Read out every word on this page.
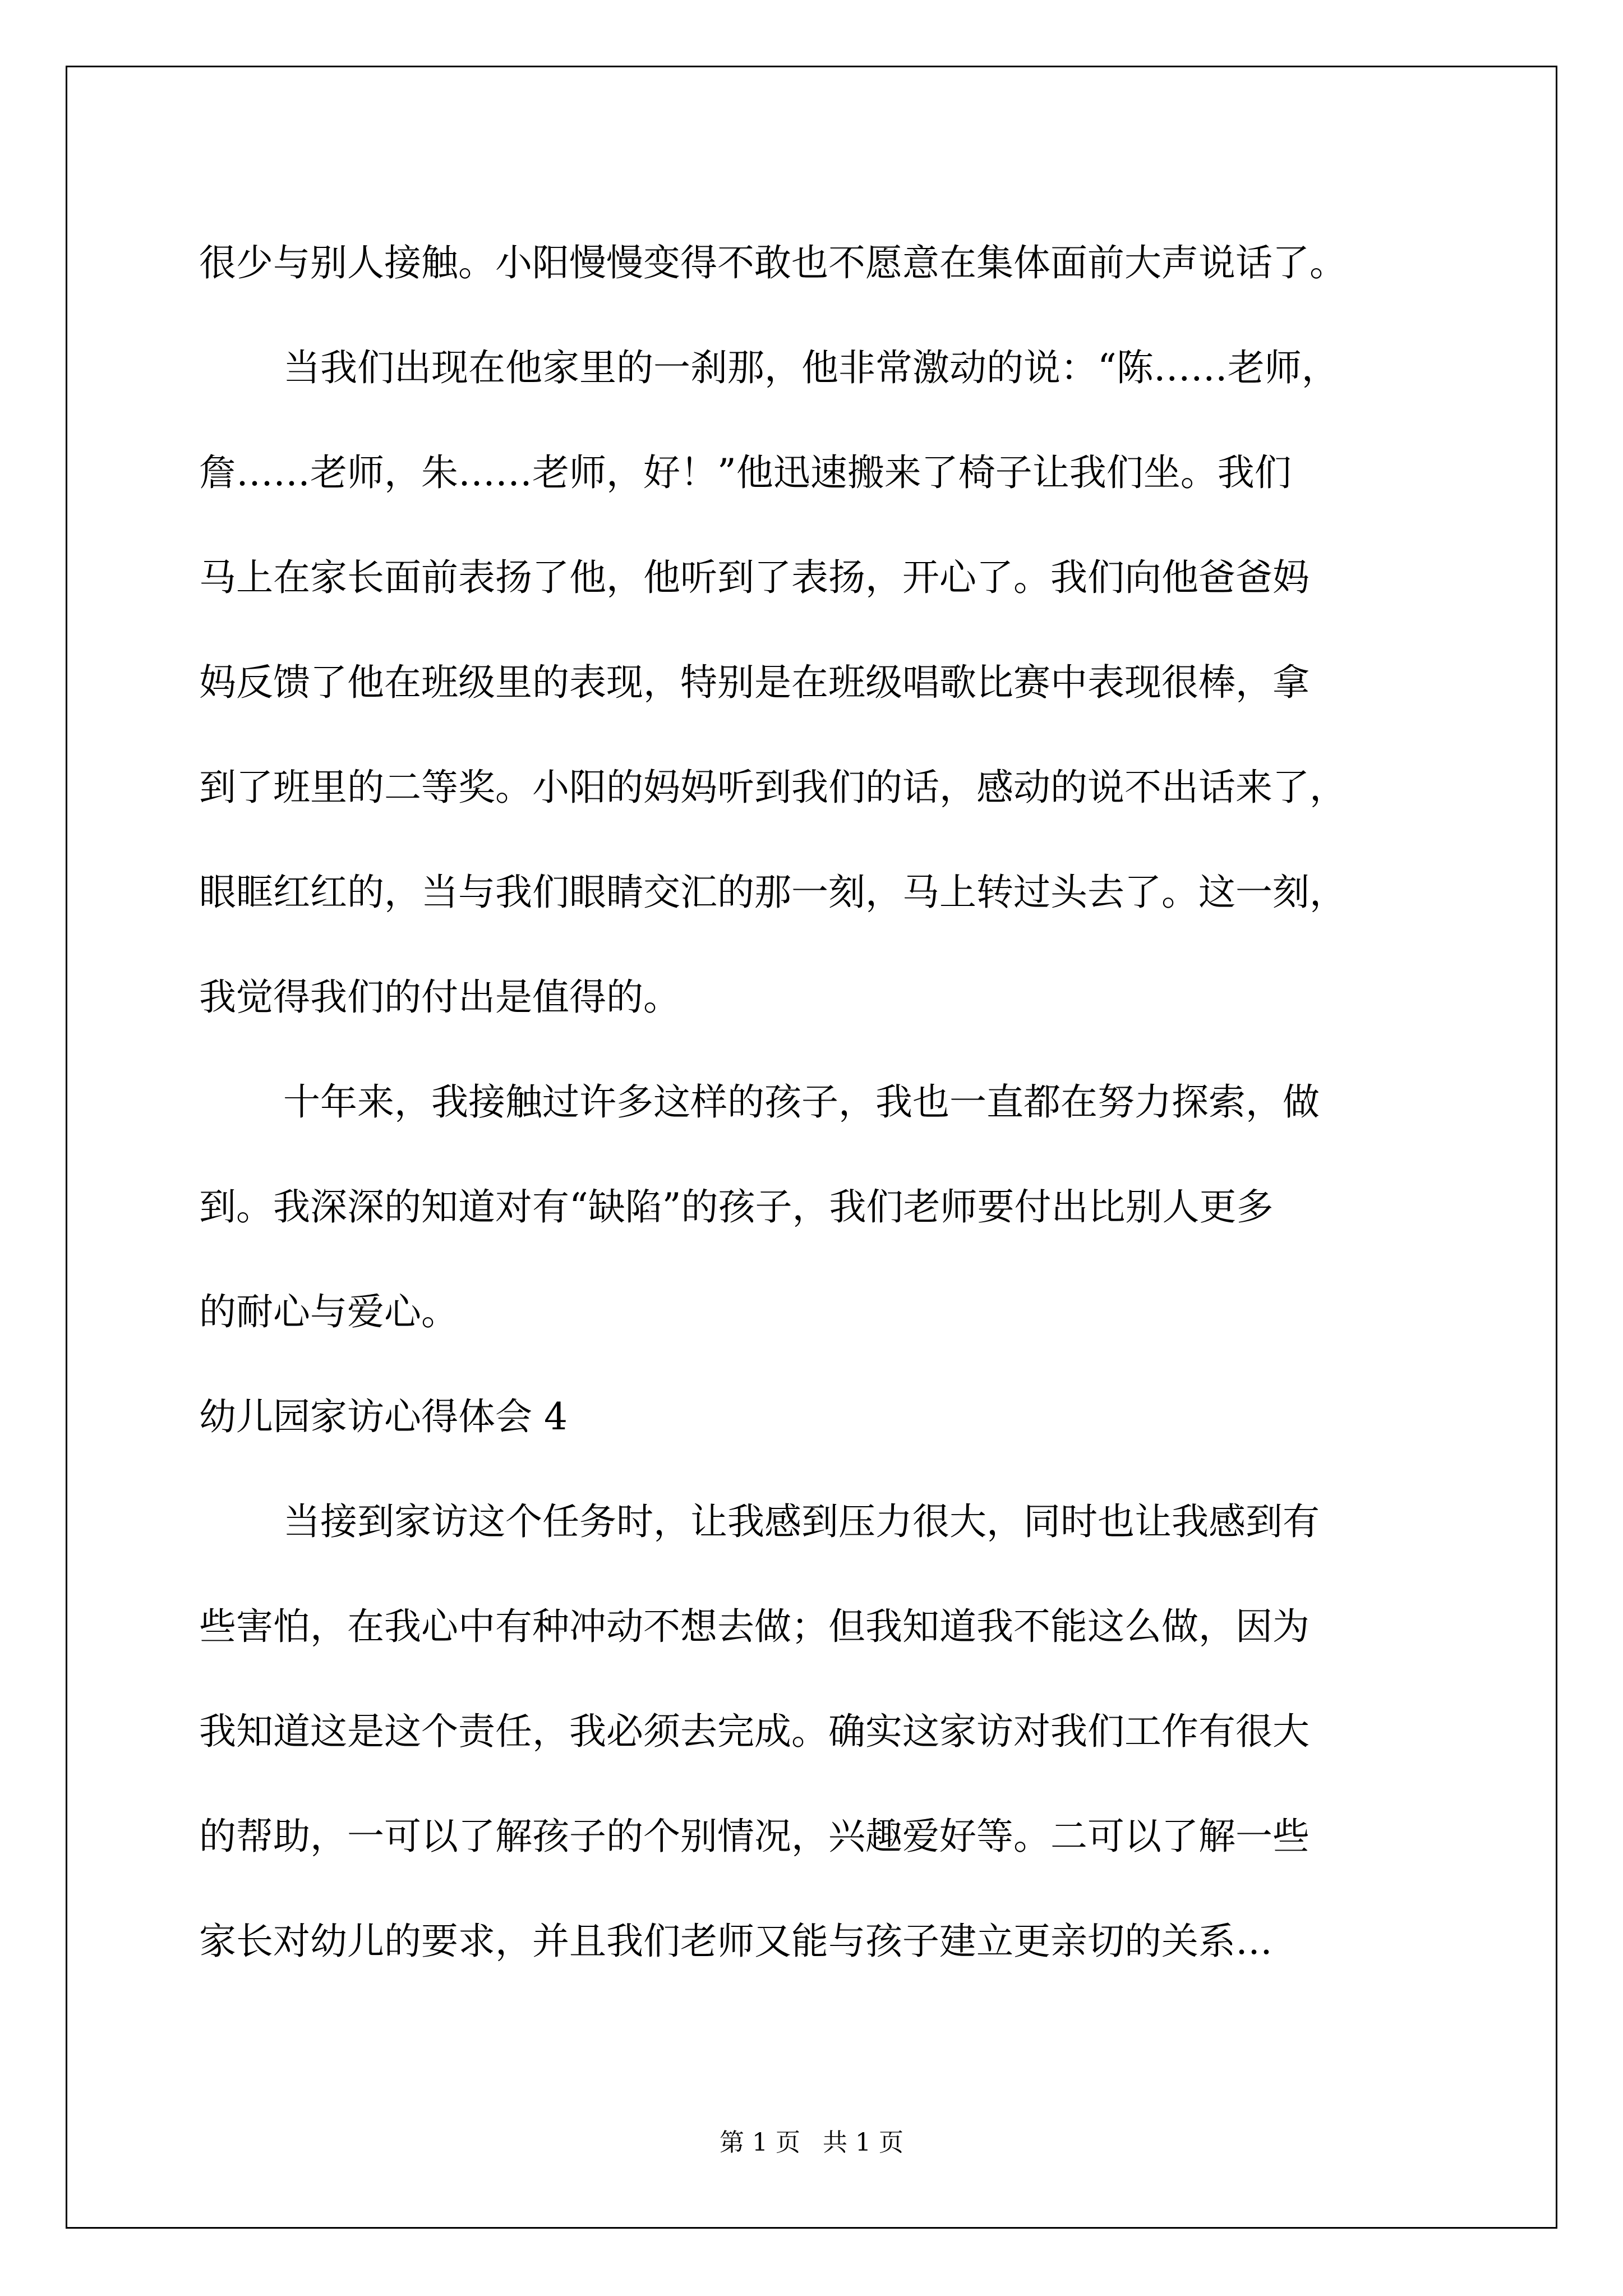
很少与别人接触。小阳慢慢变得不敢也不愿意在集体面前大声说话了。

当我们出现在他家里的一刹那，他非常激动的说：“陈……老师，

詹……老师，朱……老师，好！”他迅速搬来了椅子让我们坐。我们

马上在家长面前表扬了他，他听到了表扬，开心了。我们向他爸爸妈

妈反馈了他在班级里的表现，特别是在班级唱歌比赛中表现很棒，拿

到了班里的二等奖。小阳的妈妈听到我们的话，感动的说不出话来了，

眼眶红红的，当与我们眼睛交汇的那一刻，马上转过头去了。这一刻，

我觉得我们的付出是值得的。

十年来，我接触过许多这样的孩子，我也一直都在努力探索，做

到。我深深的知道对有“缺陷”的孩子，我们老师要付出比别人更多

的耐心与爱心。

幼儿园家访心得体会 4

当接到家访这个任务时，让我感到压力很大，同时也让我感到有

些害怕，在我心中有种冲动不想去做；但我知道我不能这么做，因为

我知道这是这个责任，我必须去完成。确实这家访对我们工作有很大

的帮助，一可以了解孩子的个别情况，兴趣爱好等。二可以了解一些

家长对幼儿的要求，并且我们老师又能与孩子建立更亲切的关系…

第 1 页 共 1 页
